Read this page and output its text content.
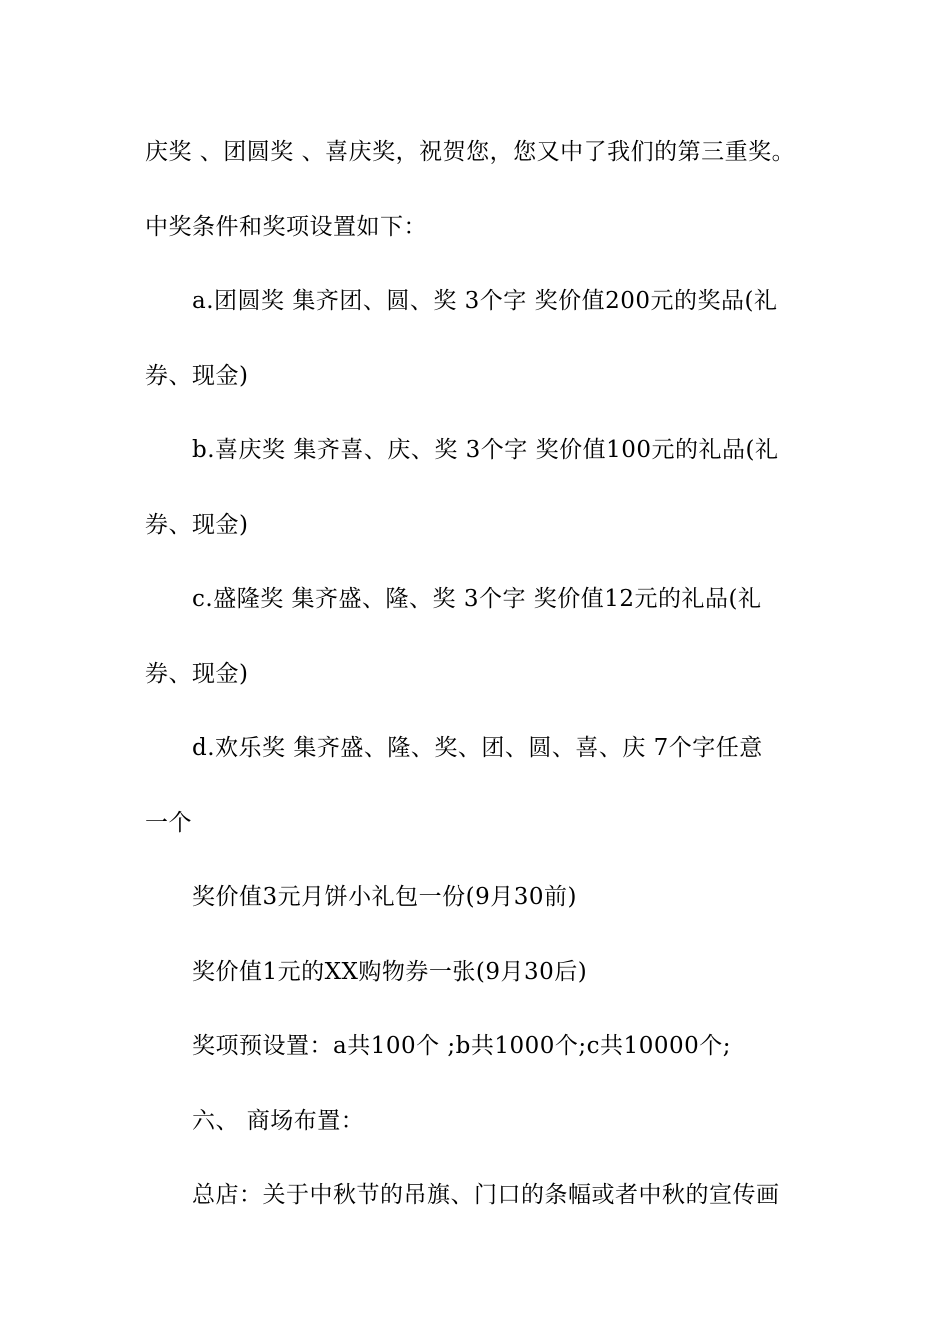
庆奖 、团圆奖 、喜庆奖，祝贺您，您又中了我们的第三重奖。
中奖条件和奖项设置如下：
a.团圆奖 集齐团、圆、奖 3个字 奖价值200元的奖品(礼
券、现金)
b.喜庆奖 集齐喜、庆、奖 3个字 奖价值100元的礼品(礼
券、现金)
c.盛隆奖 集齐盛、隆、奖 3个字 奖价值12元的礼品(礼
券、现金)
d.欢乐奖 集齐盛、隆、奖、团、圆、喜、庆 7个字任意
一个
奖价值3元月饼小礼包一份(9月30前)
奖价值1元的XX购物券一张(9月30后)
奖项预设置：a共100个 ;b共1000个;c共10000个;
六、 商场布置：
总店：关于中秋节的吊旗、门口的条幅或者中秋的宣传画
